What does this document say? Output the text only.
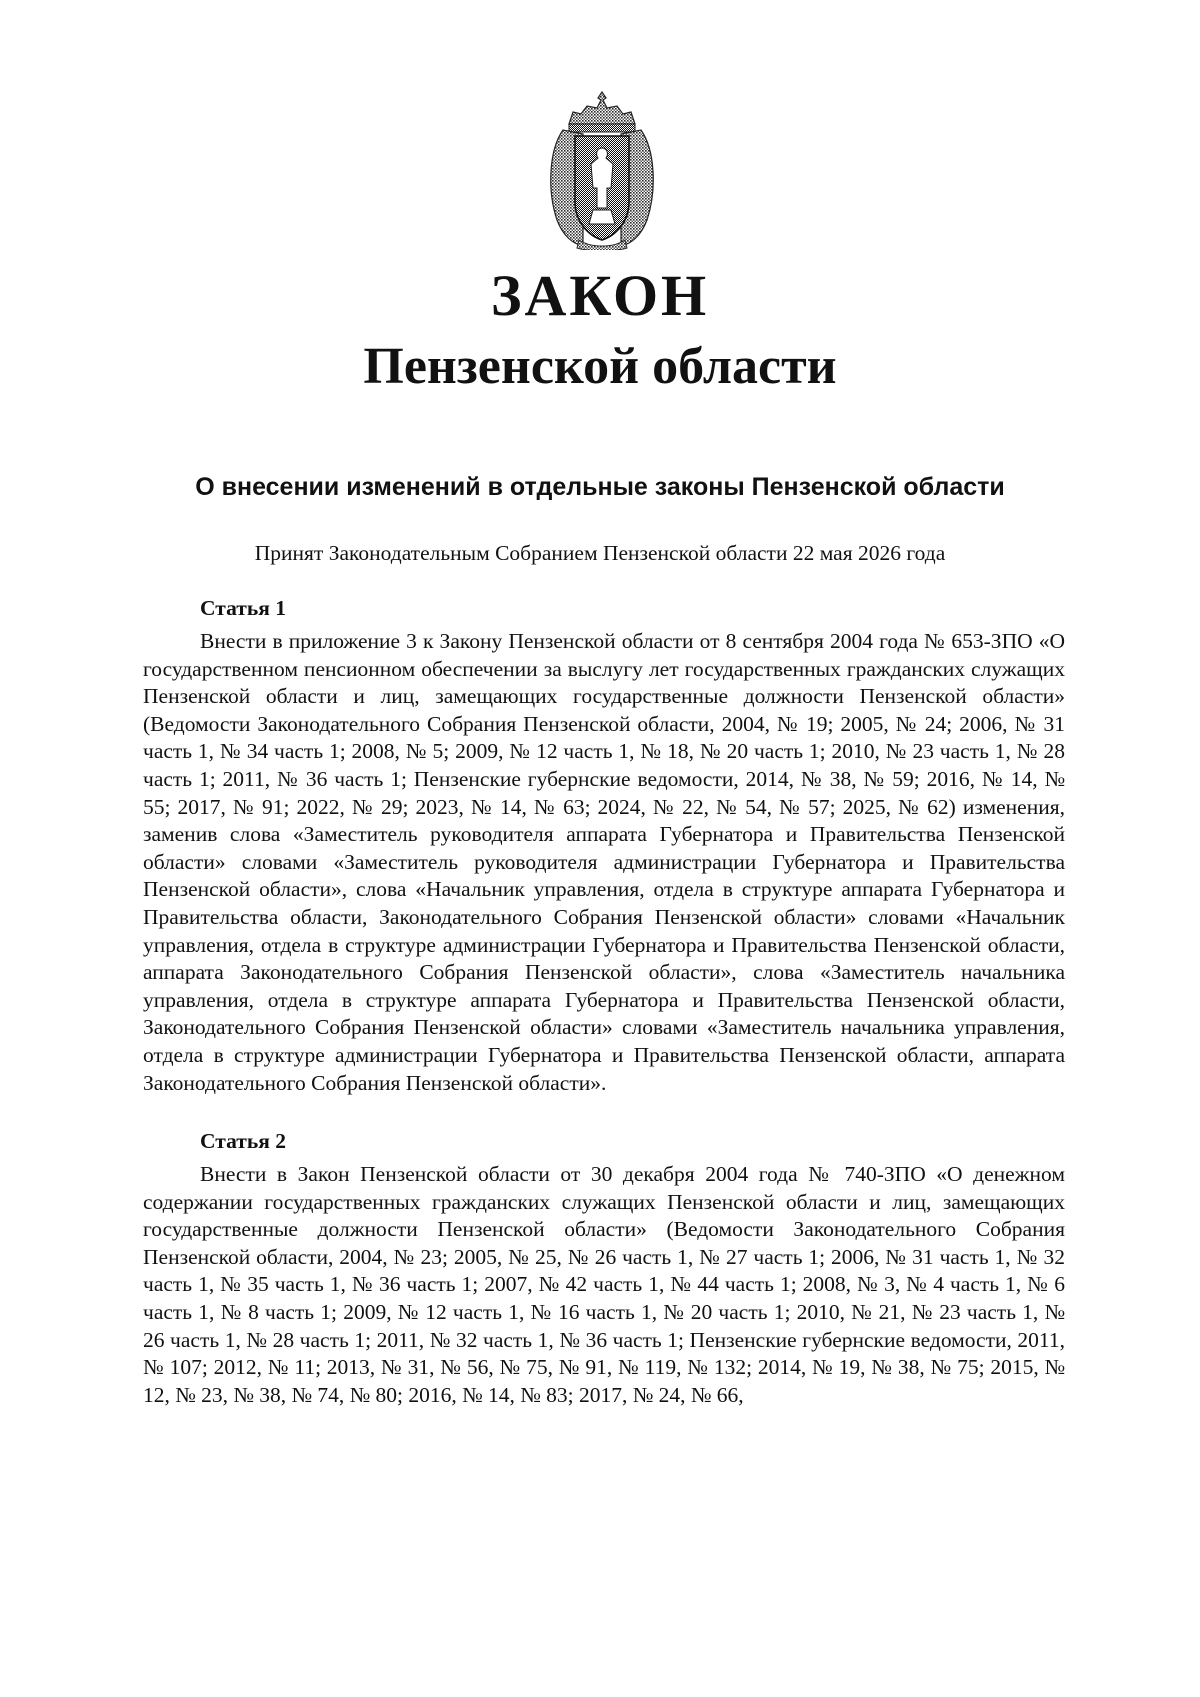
ЗАКОН
Пензенской области

О внесении изменений в отдельные законы Пензенской области

Принят Законодательным Собранием Пензенской области 22 мая 2026 года

Статья 1

Внести в приложение 3 к Закону Пензенской области от 8 сентября 2004 года № 653-ЗПО «О государственном пенсионном обеспечении за выслугу лет государственных гражданских служащих Пензенской области и лиц, замещающих государственные должности Пензенской области» (Ведомости Законодательного Собрания Пензенской области, 2004, № 19; 2005, № 24; 2006, № 31 часть 1, № 34 часть 1; 2008, № 5; 2009, № 12 часть 1, № 18, № 20 часть 1; 2010, № 23 часть 1, № 28 часть 1; 2011, № 36 часть 1; Пензенские губернские ведомости, 2014, № 38, № 59; 2016, № 14, № 55; 2017, № 91; 2022, № 29; 2023, № 14, № 63; 2024, № 22, № 54, № 57; 2025, № 62) изменения, заменив слова «Заместитель руководителя аппарата Губернатора и Правительства Пензенской области» словами «Заместитель руководителя администрации Губернатора и Правительства Пензенской области», слова «Начальник управления, отдела в структуре аппарата Губернатора и Правительства области, Законодательного Собрания Пензенской области» словами «Начальник управления, отдела в структуре администрации Губернатора и Правительства Пензенской области, аппарата Законодательного Собрания Пензенской области», слова «Заместитель начальника управления, отдела в структуре аппарата Губернатора и Правительства Пензенской области, Законодательного Собрания Пензенской области» словами «Заместитель начальника управления, отдела в структуре администрации Губернатора и Правительства Пензенской области, аппарата Законодательного Собрания Пензенской области».

Статья 2

Внести в Закон Пензенской области от 30 декабря 2004 года № 740-ЗПО «О денежном содержании государственных гражданских служащих Пензенской области и лиц, замещающих государственные должности Пензенской области» (Ведомости Законодательного Собрания Пензенской области, 2004, № 23; 2005, № 25, № 26 часть 1, № 27 часть 1; 2006, № 31 часть 1, № 32 часть 1, № 35 часть 1, № 36 часть 1; 2007, № 42 часть 1, № 44 часть 1; 2008, № 3, № 4 часть 1, № 6 часть 1, № 8 часть 1; 2009, № 12 часть 1, № 16 часть 1, № 20 часть 1; 2010, № 21, № 23 часть 1, № 26 часть 1, № 28 часть 1; 2011, № 32 часть 1, № 36 часть 1; Пензенские губернские ведомости, 2011, № 107; 2012, № 11; 2013, № 31, № 56, № 75, № 91, № 119, № 132; 2014, № 19, № 38, № 75; 2015, № 12, № 23, № 38, № 74, № 80; 2016, № 14, № 83; 2017, № 24, № 66,
